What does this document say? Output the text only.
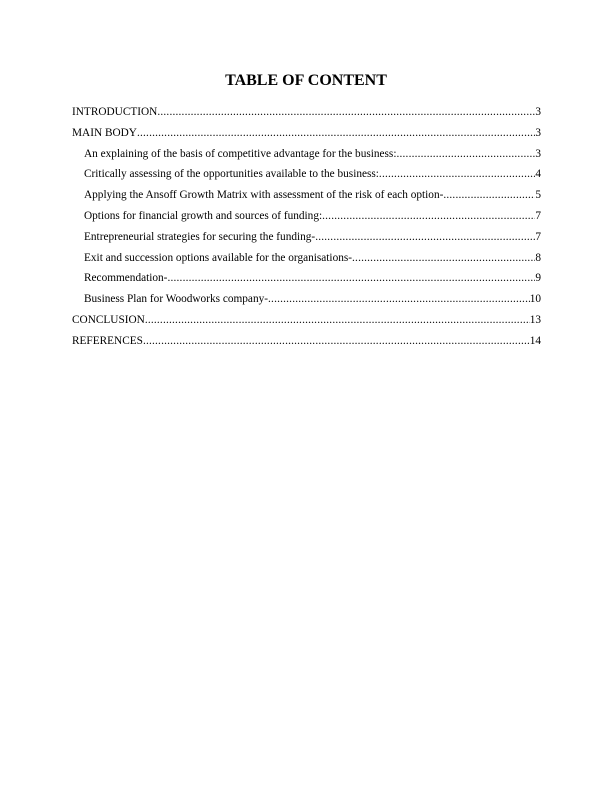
TABLE OF CONTENT
INTRODUCTION .....	3
MAIN BODY .....	3
An explaining of the basis of competitive advantage for the business: .....	3
Critically assessing of the opportunities available to the business: .....	4
Applying the Ansoff Growth Matrix with assessment of the risk of each option- .....	5
Options for financial growth and sources of funding: .....	7
Entrepreneurial strategies for securing the funding- .....	7
Exit and succession options available for the organisations- .....	8
Recommendation- .....	9
Business Plan for Woodworks company- .....	10
CONCLUSION .....	13
REFERENCES .....	14
